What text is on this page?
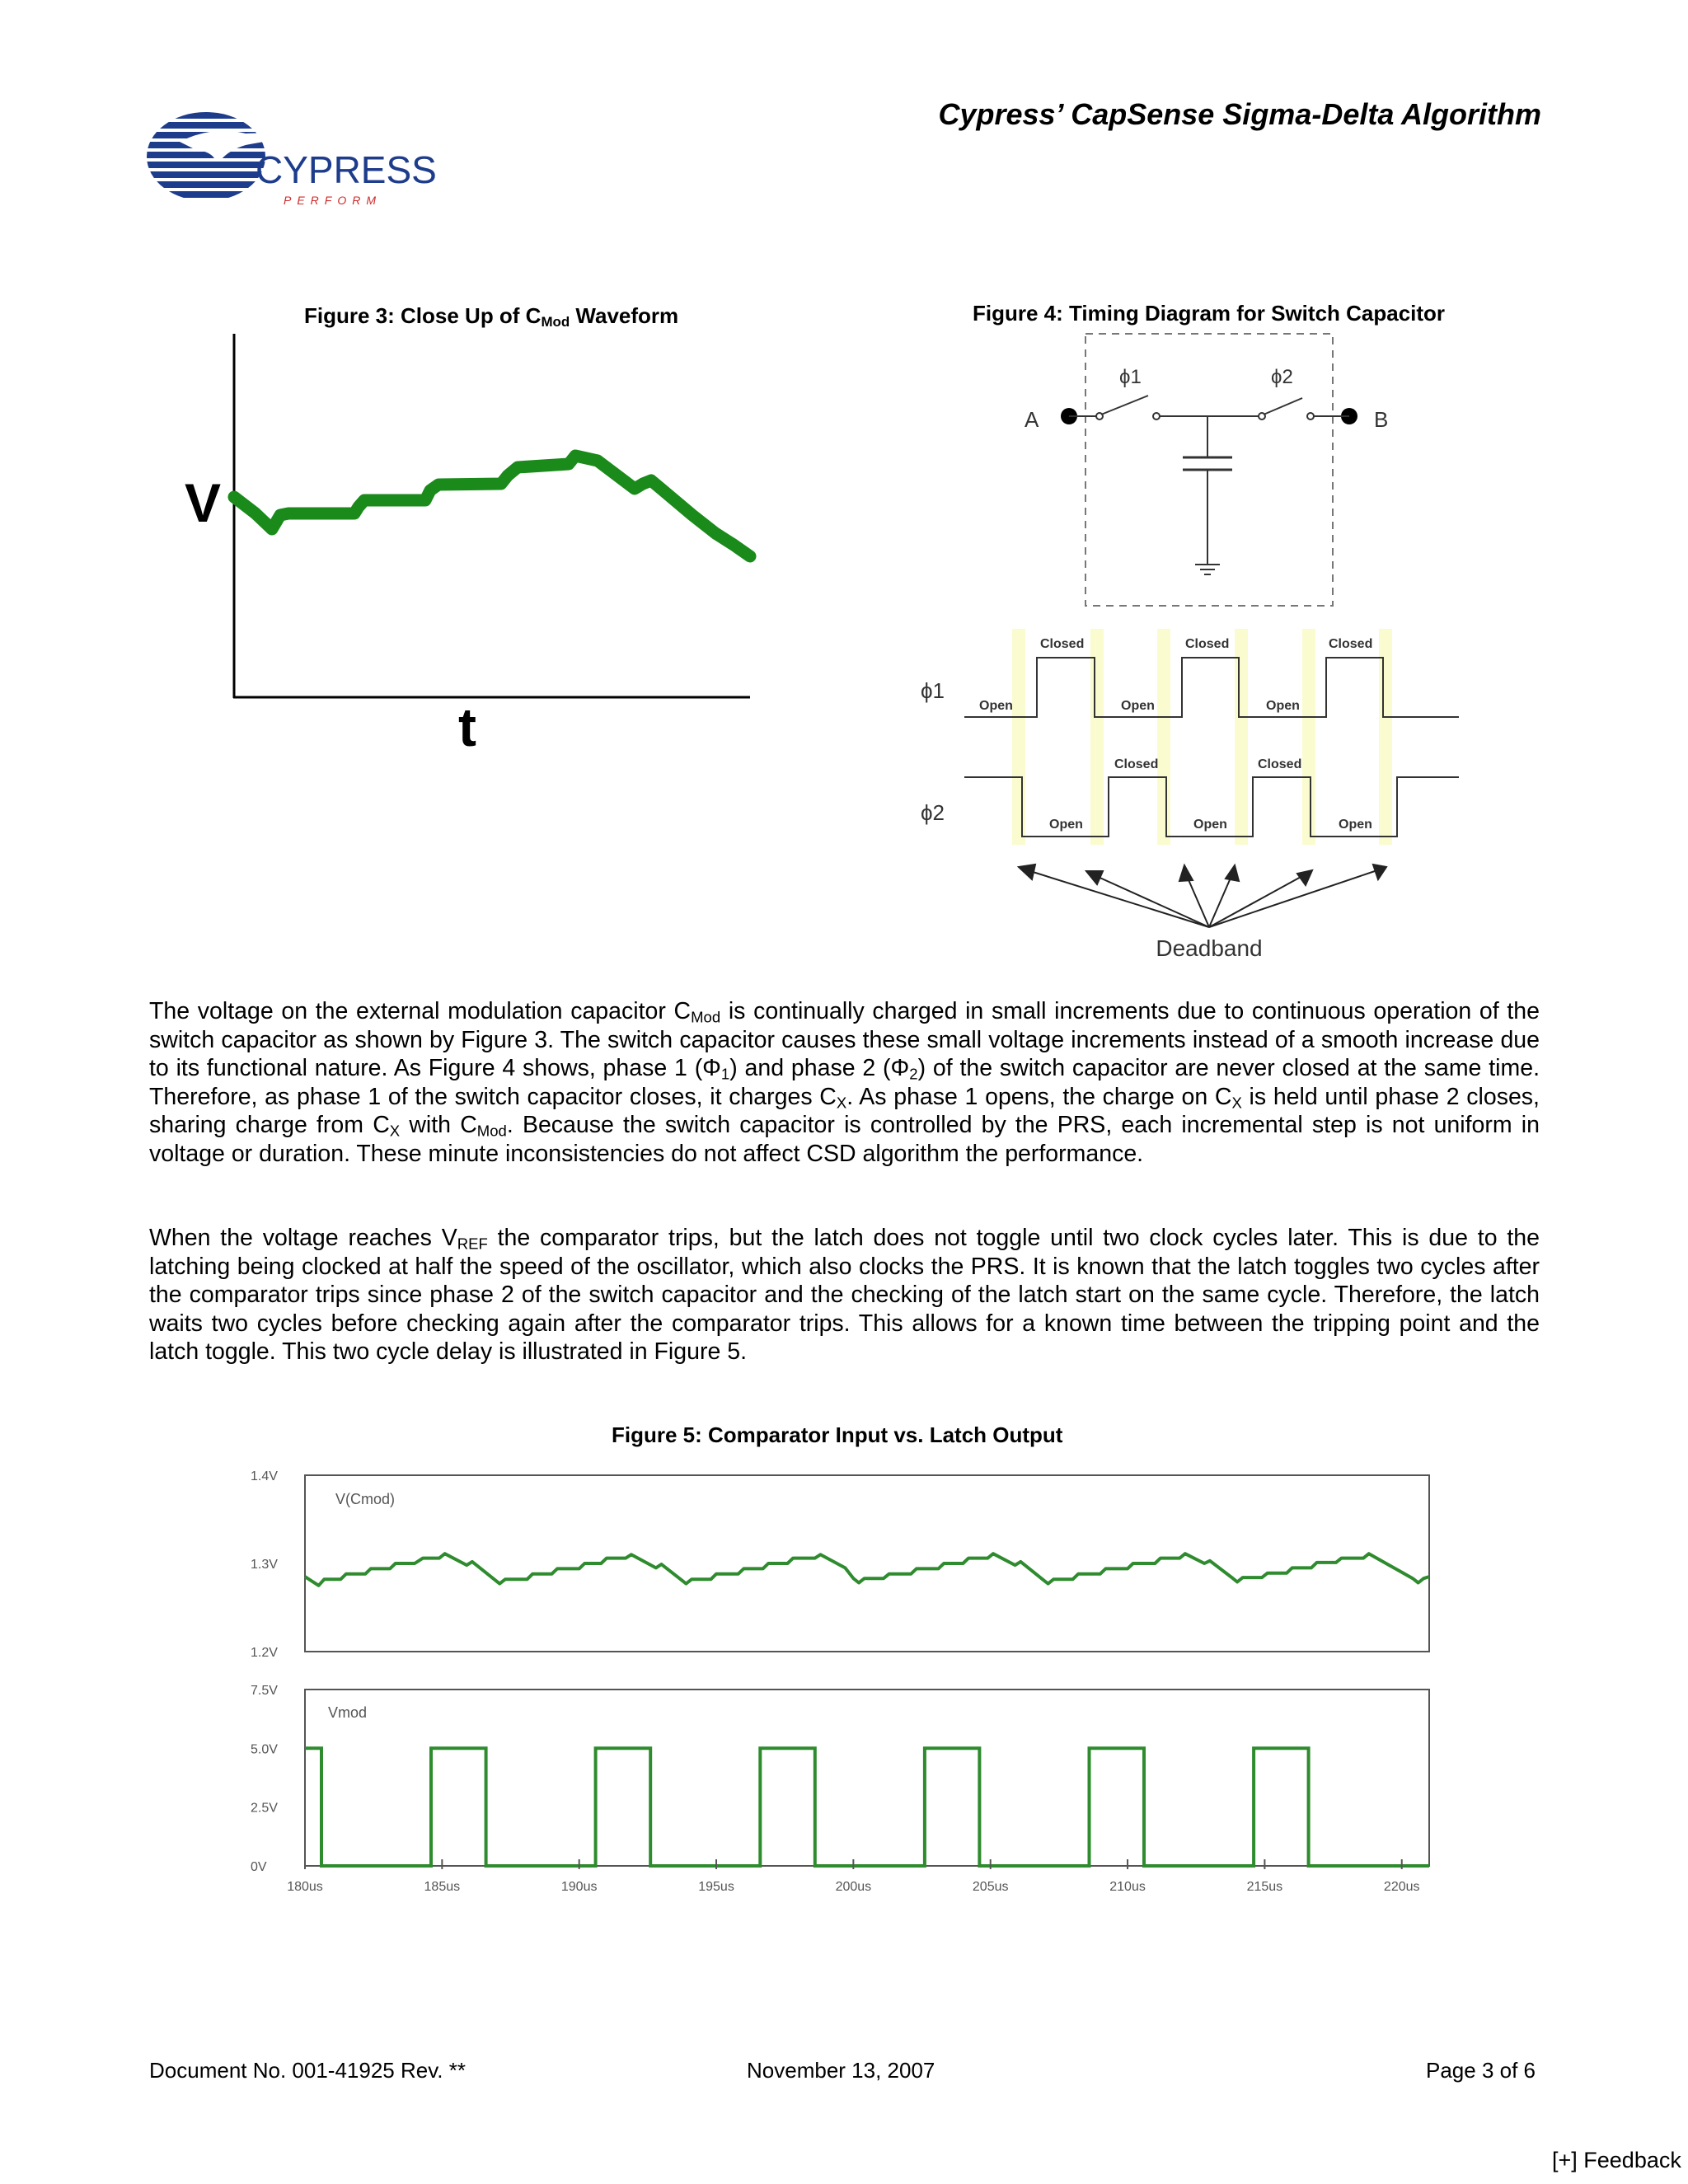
Cypress’ CapSense Sigma-Delta Algorithm
CYPRESS
PERFORM
Figure 3: Close Up of $C_{Mod}$ Waveform
V
t
Figure 4: Timing Diagram for Switch Capacitor
A	B
ϕ1	ϕ2
ϕ1
ϕ2
Closed	Closed	Closed
Open	Open	Open
Closed	Closed
Open	Open	Open
Deadband
The voltage on the external modulation capacitor $C_{Mod}$ is continually charged in small increments due to continuous operation of the switch capacitor as shown by Figure 3. The switch capacitor causes these small voltage increments instead of a smooth increase due to its functional nature. As Figure 4 shows, phase 1 $(\Phi_1)$ and phase 2 $(\Phi_2)$ of the switch capacitor are never closed at the same time. Therefore, as phase 1 of the switch capacitor closes, it charges $C_X$. As phase 1 opens, the charge on $C_X$ is held until phase 2 closes, sharing charge from $C_X$ with $C_{Mod}$. Because the switch capacitor is controlled by the PRS, each incremental step is not uniform in voltage or duration. These minute inconsistencies do not affect CSD algorithm the performance.
When the voltage reaches $V_{REF}$ the comparator trips, but the latch does not toggle until two clock cycles later. This is due to the latching being clocked at half the speed of the oscillator, which also clocks the PRS. It is known that the latch toggles two cycles after the comparator trips since phase 2 of the switch capacitor and the checking of the latch start on the same cycle. Therefore, the latch waits two cycles before checking again after the comparator trips. This allows for a known time between the tripping point and the latch toggle. This two cycle delay is illustrated in Figure 5.
Figure 5: Comparator Input vs. Latch Output
V(Cmod)
1.4V
1.3V
1.2V
Vmod
7.5V
5.0V
2.5V
0V
180us	185us	190us	195us	200us	205us	210us	215us	220us
Document No. 001-41925 Rev. **	November 13, 2007	Page 3 of 6
[+] Feedback
